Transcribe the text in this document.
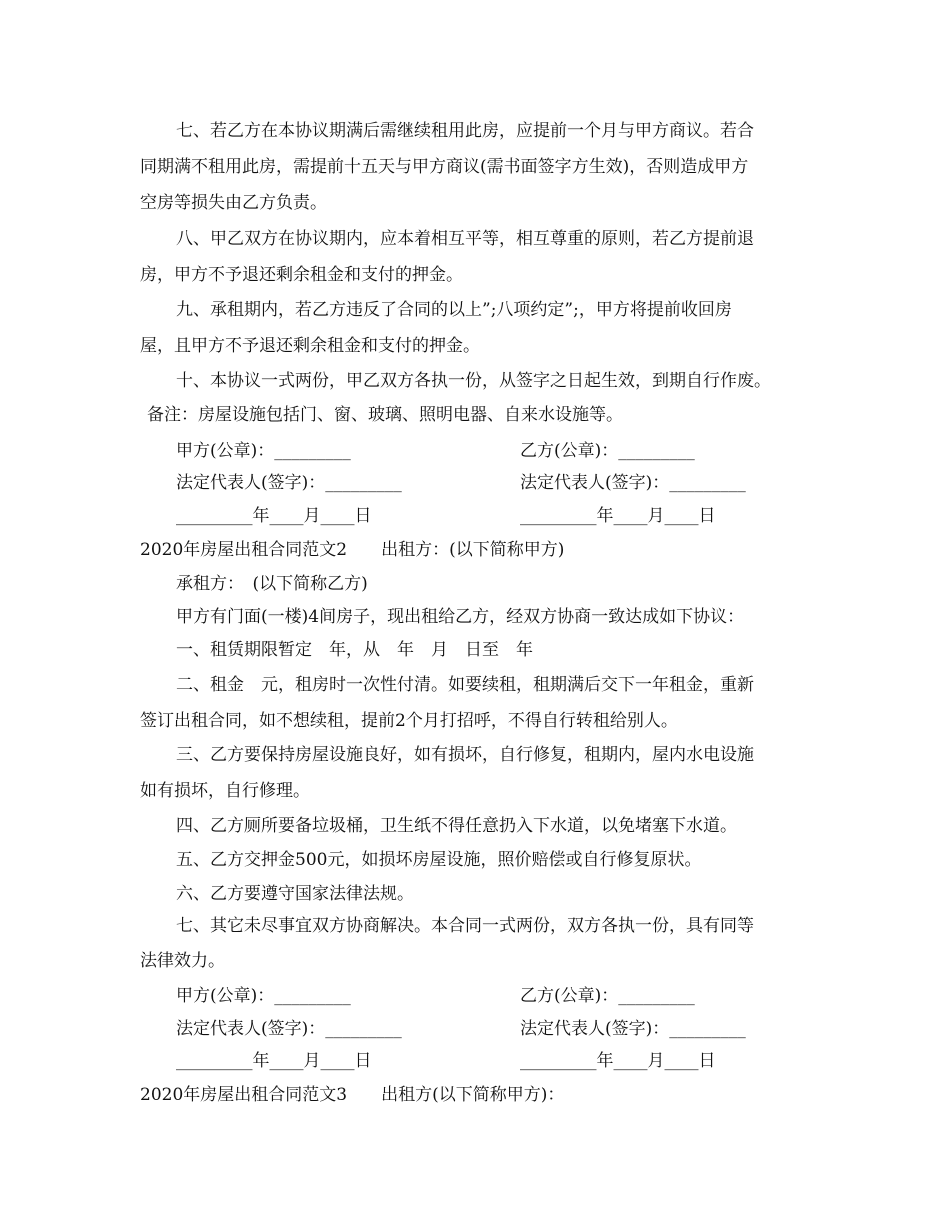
七、若乙方在本协议期满后需继续租用此房，应提前一个月与甲方商议。若合
同期满不租用此房，需提前十五天与甲方商议(需书面签字方生效)，否则造成甲方
空房等损失由乙方负责。
八、甲乙双方在协议期内，应本着相互平等，相互尊重的原则，若乙方提前退
房，甲方不予退还剩余租金和支付的押金。
九、承租期内，若乙方违反了合同的以上”;八项约定”;，甲方将提前收回房
屋，且甲方不予退还剩余租金和支付的押金。
十、本协议一式两份，甲乙双方各执一份，从签字之日起生效，到期自行作废。
备注：房屋设施包括门、窗、玻璃、照明电器、自来水设施等。
甲方(公章)：_________	乙方(公章)：_________
法定代表人(签字)：_________	法定代表人(签字)：_________
_________年____月____日	_________年____月____日
2020年房屋出租合同范文2　　出租方：(以下简称甲方)
承租方：　(以下简称乙方)
甲方有门面(一楼)4间房子，现出租给乙方，经双方协商一致达成如下协议：
一、租赁期限暂定　年，从　年　月　日至　年
二、租金　元，租房时一次性付清。如要续租，租期满后交下一年租金，重新
签订出租合同，如不想续租，提前2个月打招呼，不得自行转租给别人。
三、乙方要保持房屋设施良好，如有损坏，自行修复，租期内，屋内水电设施
如有损坏，自行修理。
四、乙方厕所要备垃圾桶，卫生纸不得任意扔入下水道，以免堵塞下水道。
五、乙方交押金500元，如损坏房屋设施，照价赔偿或自行修复原状。
六、乙方要遵守国家法律法规。
七、其它未尽事宜双方协商解决。本合同一式两份，双方各执一份，具有同等
法律效力。
甲方(公章)：_________	乙方(公章)：_________
法定代表人(签字)：_________	法定代表人(签字)：_________
_________年____月____日	_________年____月____日
2020年房屋出租合同范文3　　出租方(以下简称甲方)：
